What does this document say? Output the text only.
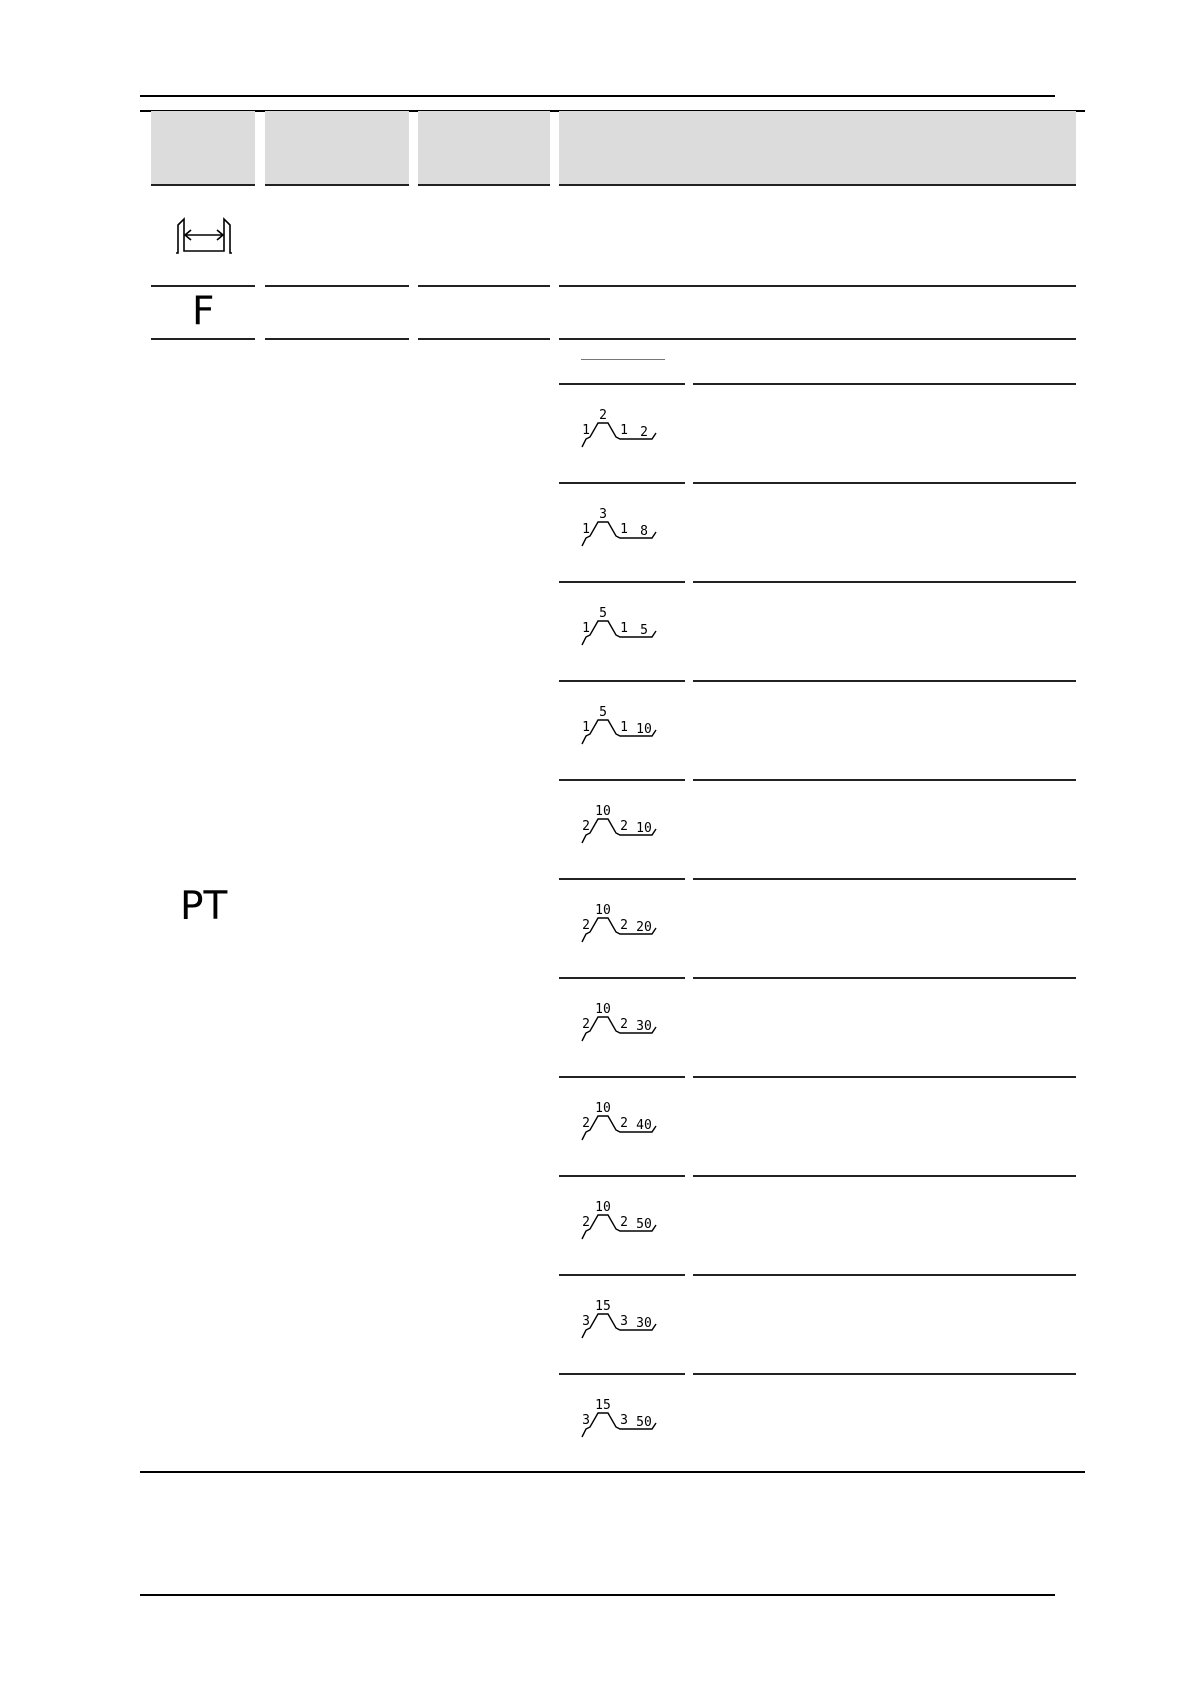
F
PT
1
2
1 2
1
3
1 8
1
5
1 5
1
5
1 10
2
10
2 10
2
10
2 20
2
10
2 30
2
10
2 40
2
10
2 50
3
15
3 30
3
15
3 50
